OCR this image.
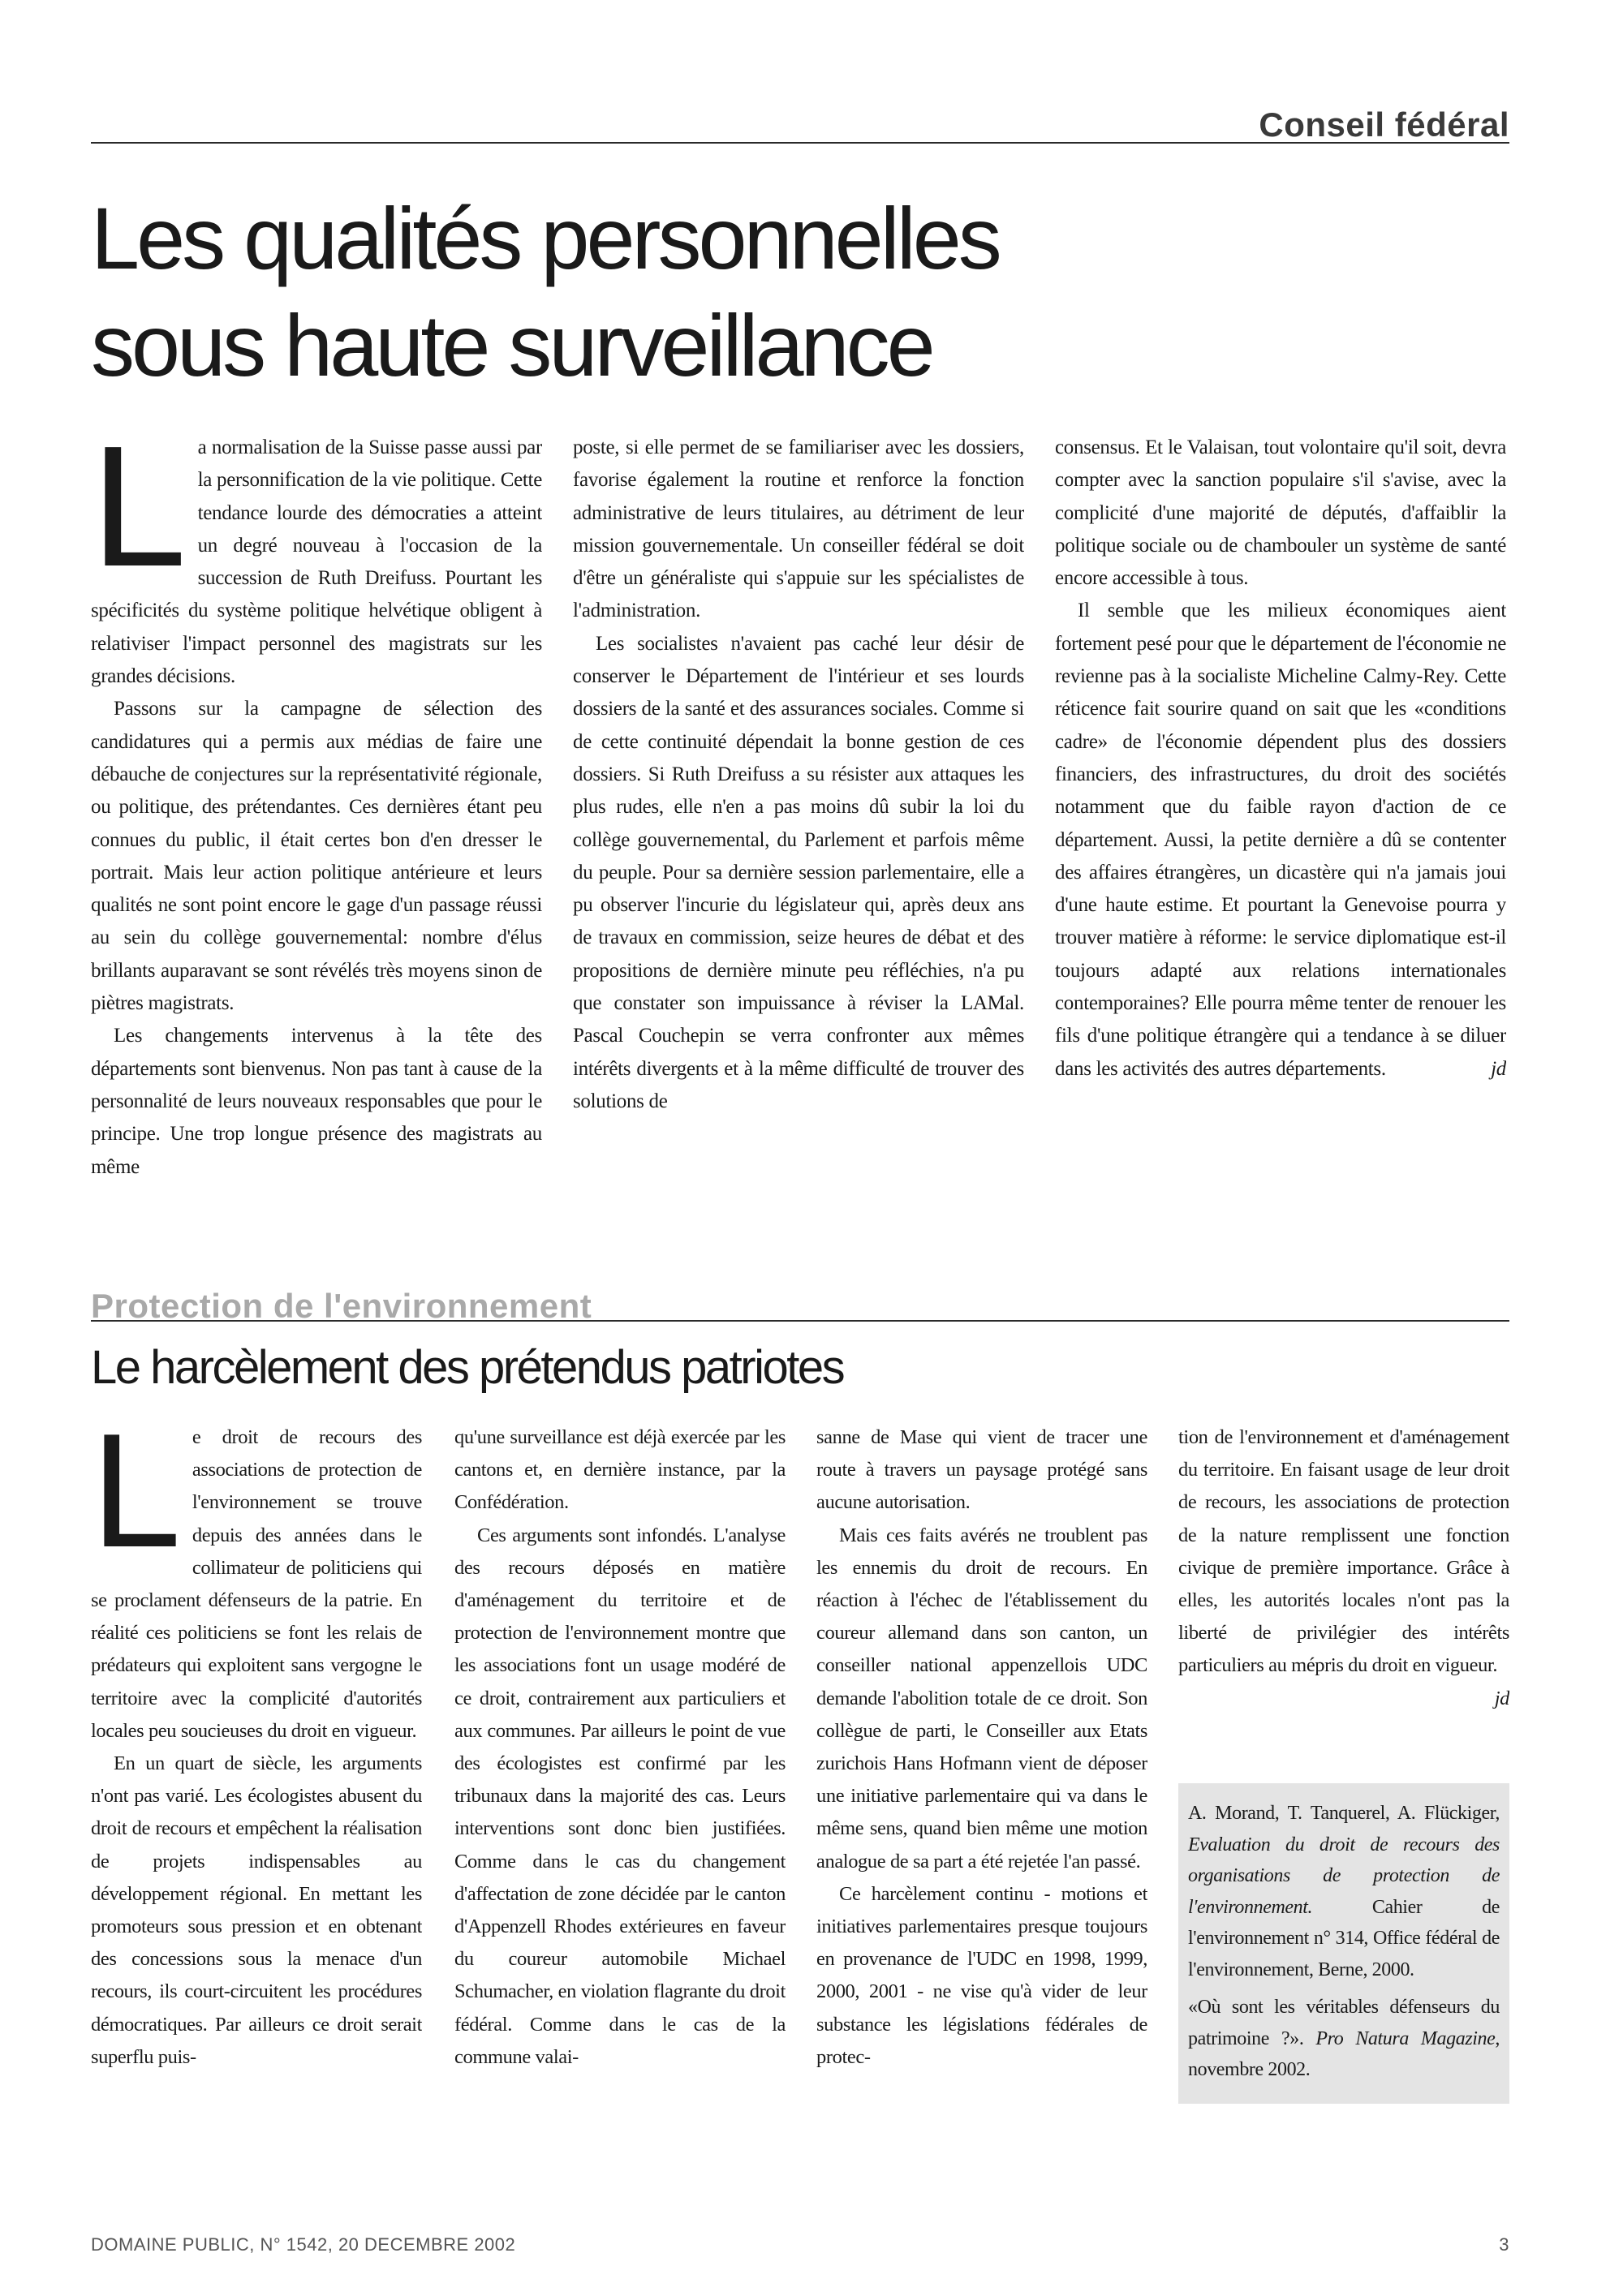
Conseil fédéral
Les qualités personnelles
sous haute surveillance

La normalisation de la Suisse passe aussi par la personnification de la vie politique. Cette tendance lourde des démocraties a atteint un degré nouveau à l'occasion de la succession de Ruth Dreifuss. Pourtant les spécificités du système politique helvétique obligent à relativiser l'impact personnel des magistrats sur les grandes décisions.

Passons sur la campagne de sélection des candidatures qui a permis aux médias de faire une débauche de conjectures sur la représentativité régionale, ou politique, des prétendantes. Ces dernières étant peu connues du public, il était certes bon d'en dresser le portrait. Mais leur action politique antérieure et leurs qualités ne sont point encore le gage d'un passage réussi au sein du collège gouvernemental: nombre d'élus brillants auparavant se sont révélés très moyens sinon de piètres magistrats.

Les changements intervenus à la tête des départements sont bienvenus. Non pas tant à cause de la personnalité de leurs nouveaux responsables que pour le principe. Une trop longue présence des magistrats au même

poste, si elle permet de se familiariser avec les dossiers, favorise également la routine et renforce la fonction administrative de leurs titulaires, au détriment de leur mission gouvernementale. Un conseiller fédéral se doit d'être un généraliste qui s'appuie sur les spécialistes de l'administration.

Les socialistes n'avaient pas caché leur désir de conserver le Département de l'intérieur et ses lourds dossiers de la santé et des assurances sociales. Comme si de cette continuité dépendait la bonne gestion de ces dossiers. Si Ruth Dreifuss a su résister aux attaques les plus rudes, elle n'en a pas moins dû subir la loi du collège gouvernemental, du Parlement et parfois même du peuple. Pour sa dernière session parlementaire, elle a pu observer l'incurie du législateur qui, après deux ans de travaux en commission, seize heures de débat et des propositions de dernière minute peu réfléchies, n'a pu que constater son impuissance à réviser la LAMal. Pascal Couchepin se verra confronter aux mêmes intérêts divergents et à la même difficulté de trouver des solutions de

consensus. Et le Valaisan, tout volontaire qu'il soit, devra compter avec la sanction populaire s'il s'avise, avec la complicité d'une majorité de députés, d'affaiblir la politique sociale ou de chambouler un système de santé encore accessible à tous.

Il semble que les milieux économiques aient fortement pesé pour que le département de l'économie ne revienne pas à la socialiste Micheline Calmy-Rey. Cette réticence fait sourire quand on sait que les «conditions cadre» de l'économie dépendent plus des dossiers financiers, des infrastructures, du droit des sociétés notamment que du faible rayon d'action de ce département. Aussi, la petite dernière a dû se contenter des affaires étrangères, un dicastère qui n'a jamais joui d'une haute estime. Et pourtant la Genevoise pourra y trouver matière à réforme: le service diplomatique est-il toujours adapté aux relations internationales contemporaines? Elle pourra même tenter de renouer les fils d'une politique étrangère qui a tendance à se diluer dans les activités des autres départements.	jd

Protection de l'environnement
Le harcèlement des prétendus patriotes

Le droit de recours des associations de protection de l'environnement se trouve depuis des années dans le collimateur de politiciens qui se proclament défenseurs de la patrie. En réalité ces politiciens se font les relais de prédateurs qui exploitent sans vergogne le territoire avec la complicité d'autorités locales peu soucieuses du droit en vigueur.

En un quart de siècle, les arguments n'ont pas varié. Les écologistes abusent du droit de recours et empêchent la réalisation de projets indispensables au développement régional. En mettant les promoteurs sous pression et en obtenant des concessions sous la menace d'un recours, ils court-circuitent les procédures démocratiques. Par ailleurs ce droit serait superflu puis-

qu'une surveillance est déjà exercée par les cantons et, en dernière instance, par la Confédération.

Ces arguments sont infondés. L'analyse des recours déposés en matière d'aménagement du territoire et de protection de l'environnement montre que les associations font un usage modéré de ce droit, contrairement aux particuliers et aux communes. Par ailleurs le point de vue des écologistes est confirmé par les tribunaux dans la majorité des cas. Leurs interventions sont donc bien justifiées. Comme dans le cas du changement d'affectation de zone décidée par le canton d'Appenzell Rhodes extérieures en faveur du coureur automobile Michael Schumacher, en violation flagrante du droit fédéral. Comme dans le cas de la commune valai-

sanne de Mase qui vient de tracer une route à travers un paysage protégé sans aucune autorisation.

Mais ces faits avérés ne troublent pas les ennemis du droit de recours. En réaction à l'échec de l'établissement du coureur allemand dans son canton, un conseiller national appenzellois UDC demande l'abolition totale de ce droit. Son collègue de parti, le Conseiller aux Etats zurichois Hans Hofmann vient de déposer une initiative parlementaire qui va dans le même sens, quand bien même une motion analogue de sa part a été rejetée l'an passé.

Ce harcèlement continu - motions et initiatives parlementaires presque toujours en provenance de l'UDC en 1998, 1999, 2000, 2001 - ne vise qu'à vider de leur substance les législations fédérales de protec-

tion de l'environnement et d'aménagement du territoire. En faisant usage de leur droit de recours, les associations de protection de la nature remplissent une fonction civique de première importance. Grâce à elles, les autorités locales n'ont pas la liberté de privilégier des intérêts particuliers au mépris du droit en vigueur.
jd

A. Morand, T. Tanquerel, A. Flückiger, Evaluation du droit de recours des organisations de protection de l'environnement. Cahier de l'environnement n° 314, Office fédéral de l'environnement, Berne, 2000.

«Où sont les véritables défenseurs du patrimoine ?». Pro Natura Magazine, novembre 2002.

DOMAINE PUBLIC, N° 1542, 20 DECEMBRE 2002	3
